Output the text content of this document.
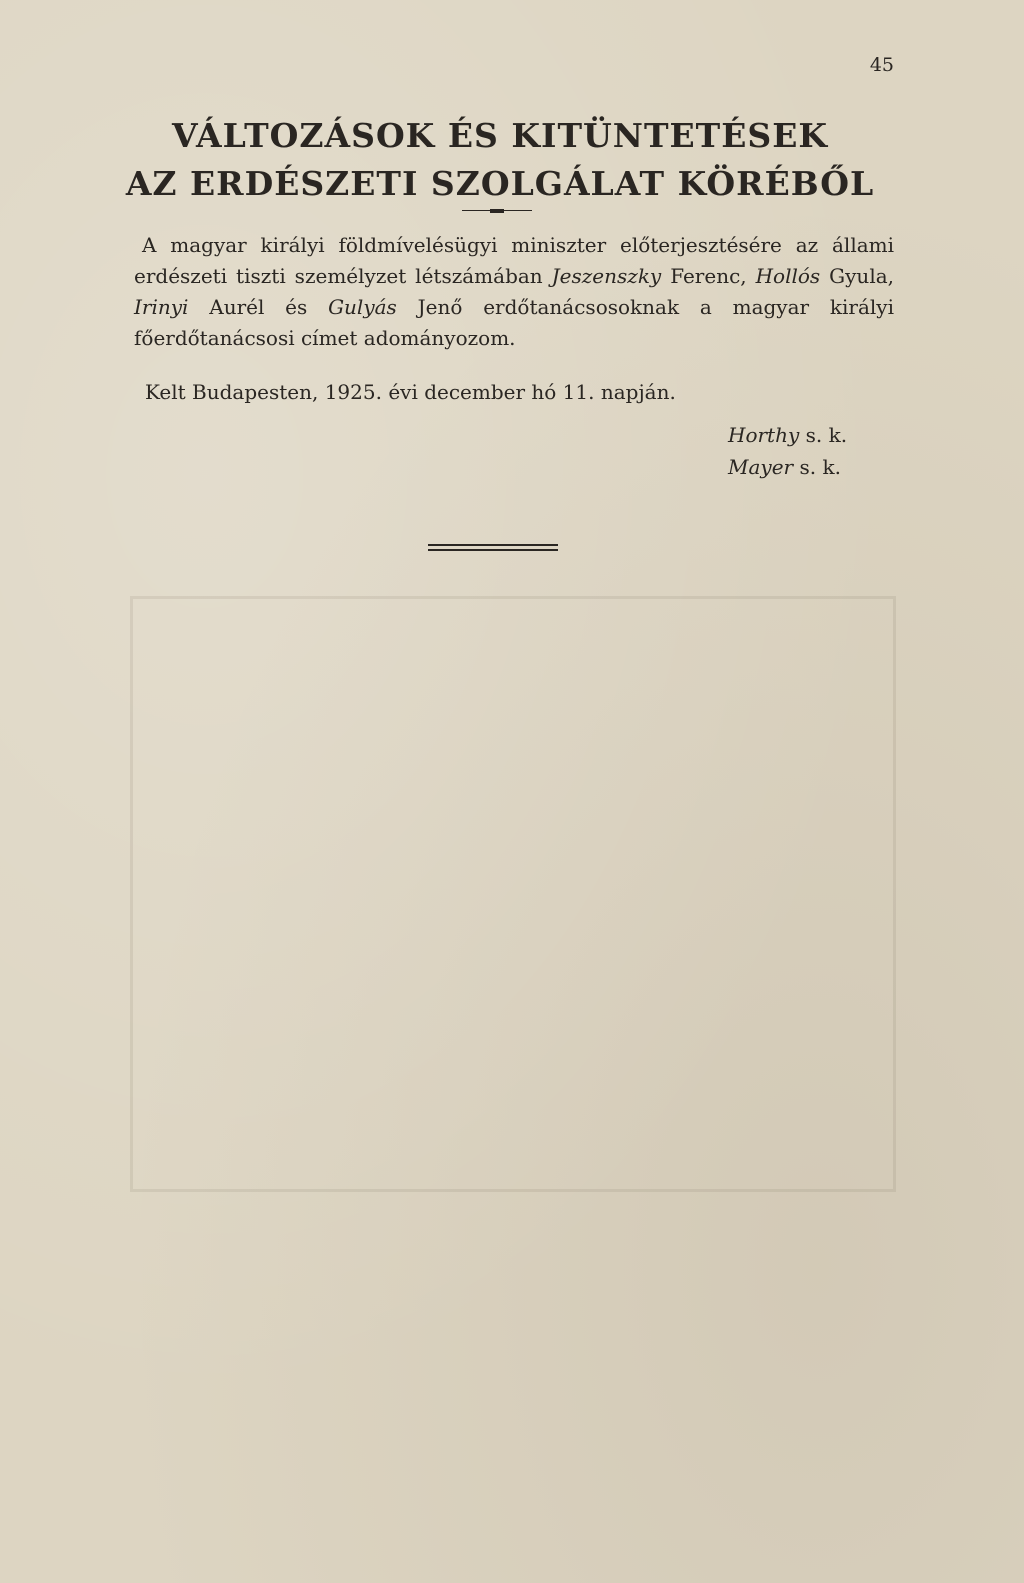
45

VÁLTOZÁSOK ÉS KITÜNTETÉSEK

AZ ERDÉSZETI SZOLGÁLAT KÖRÉBŐL

A magyar királyi földmívelésügyi miniszter előterjesztésére az állami erdészeti tiszti személyzet létszámában Jeszenszky Ferenc, Hollós Gyula, Irinyi Aurél és Gulyás Jenő erdőtanácsosoknak a magyar királyi főerdőtanácsosi címet adományozom.

Kelt Budapesten, 1925. évi december hó 11. napján.
Horthy s. k.
Mayer s. k.
